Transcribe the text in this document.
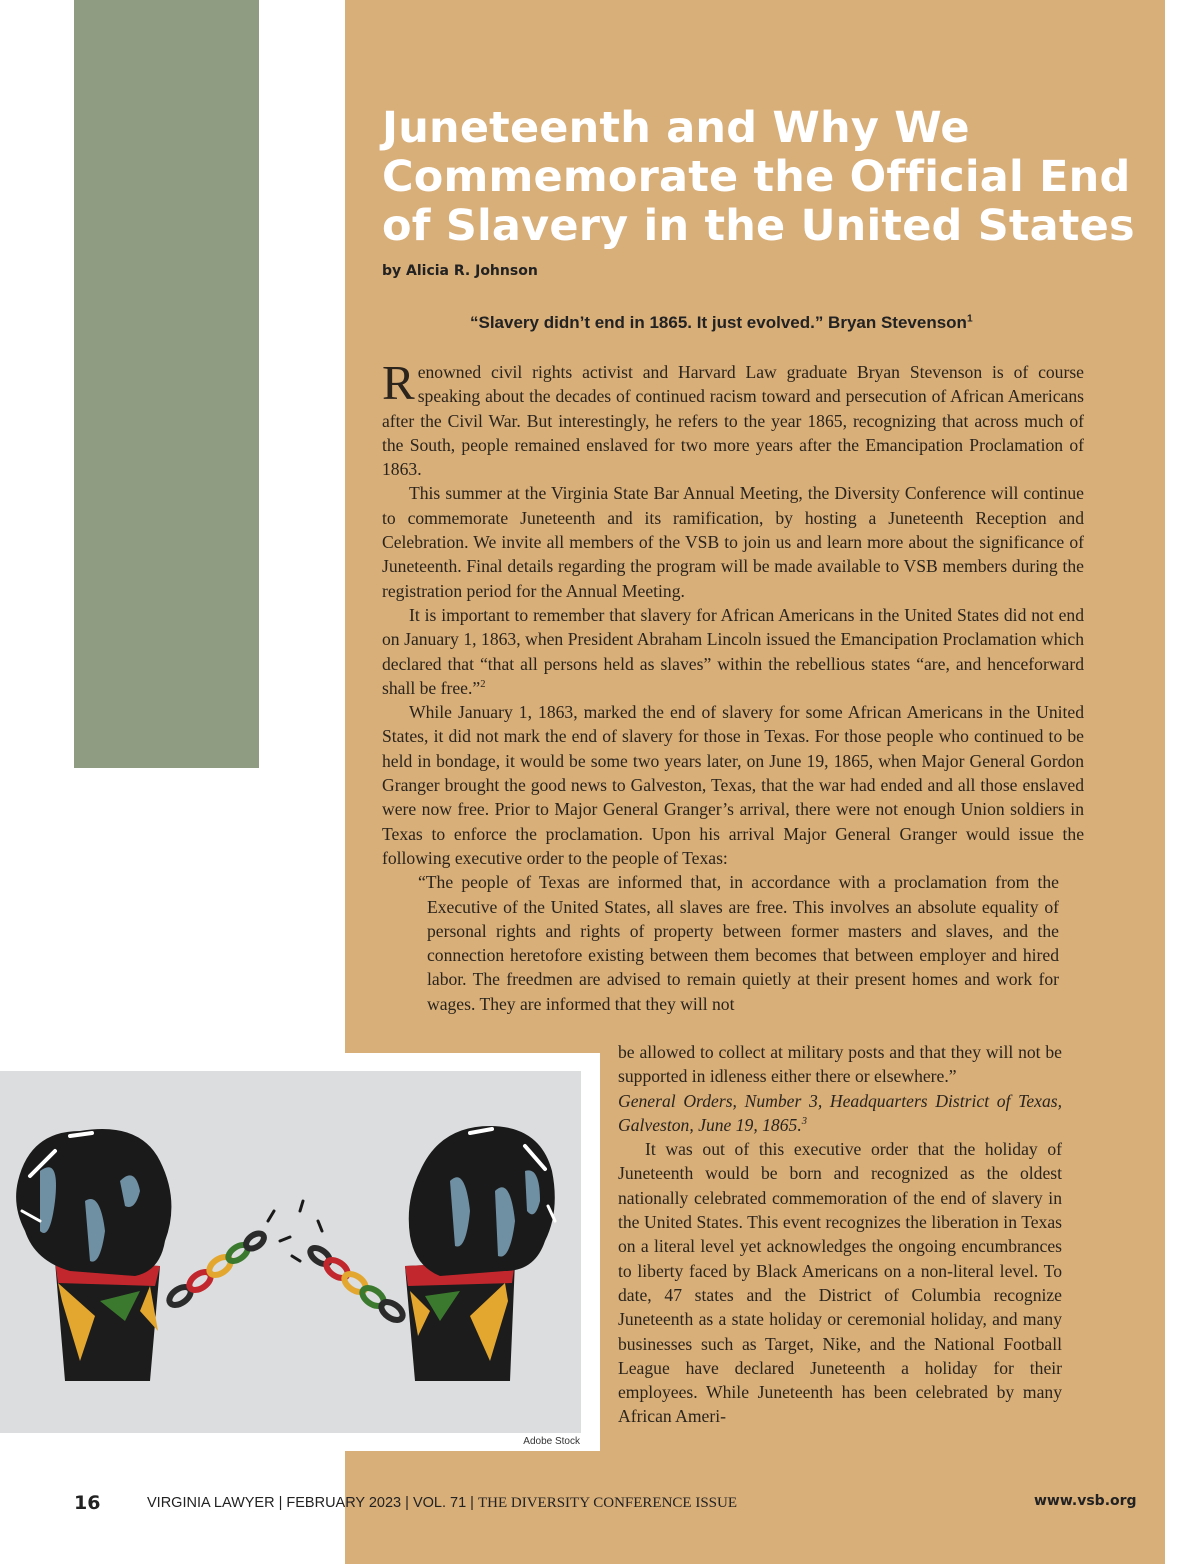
Juneteenth and Why We Commemorate the Official End of Slavery in the United States
by Alicia R. Johnson
“Slavery didn’t end in 1865. It just evolved.” Bryan Stevenson$^1$

Renowned civil rights activist and Harvard Law graduate Bryan Stevenson is of course speaking about the decades of continued racism toward and persecution of African Americans after the Civil War. But interestingly, he refers to the year 1865, recognizing that across much of the South, people remained enslaved for two more years after the Emancipation Proclamation of 1863.

This summer at the Virginia State Bar Annual Meeting, the Diversity Conference will continue to commemorate Juneteenth and its ramification, by hosting a Juneteenth Reception and Celebration. We invite all members of the VSB to join us and learn more about the significance of Juneteenth. Final details regarding the program will be made available to VSB members during the registration period for the Annual Meeting.

It is important to remember that slavery for African Americans in the United States did not end on January 1, 1863, when President Abraham Lincoln issued the Emancipation Proclamation which declared that “that all persons held as slaves” within the rebellious states “are, and henceforward shall be free.”$^2$

While January 1, 1863, marked the end of slavery for some African Americans in the United States, it did not mark the end of slavery for those in Texas. For those people who continued to be held in bondage, it would be some two years later, on June 19, 1865, when Major General Gordon Granger brought the good news to Galveston, Texas, that the war had ended and all those enslaved were now free. Prior to Major General Granger’s arrival, there were not enough Union soldiers in Texas to enforce the proclamation. Upon his arrival Major General Granger would issue the following executive order to the people of Texas:

“The people of Texas are informed that, in accordance with a proclamation from the Executive of the United States, all slaves are free. This involves an absolute equality of personal rights and rights of property between former masters and slaves, and the connection heretofore existing between them becomes that between employer and hired labor. The freedmen are advised to remain quietly at their present homes and work for wages. They are informed that they will not

Adobe Stock

be allowed to collect at military posts and that they will not be supported in idleness either there or elsewhere.”

General Orders, Number 3, Headquarters District of Texas, Galveston, June 19, 1865.$^3$

It was out of this executive order that the holiday of Juneteenth would be born and recognized as the oldest nationally celebrated commemoration of the end of slavery in the United States. This event recognizes the liberation in Texas on a literal level yet acknowledges the ongoing encumbrances to liberty faced by Black Americans on a non-literal level. To date, 47 states and the District of Columbia recognize Juneteenth as a state holiday or ceremonial holiday, and many businesses such as Target, Nike, and the National Football League have declared Juneteenth a holiday for their employees. While Juneteenth has been celebrated by many African Ameri-

16	VIRGINIA LAWYER | FEBRUARY 2023 | VOL. 71 | THE DIVERSITY CONFERENCE ISSUE	www.vsb.org
